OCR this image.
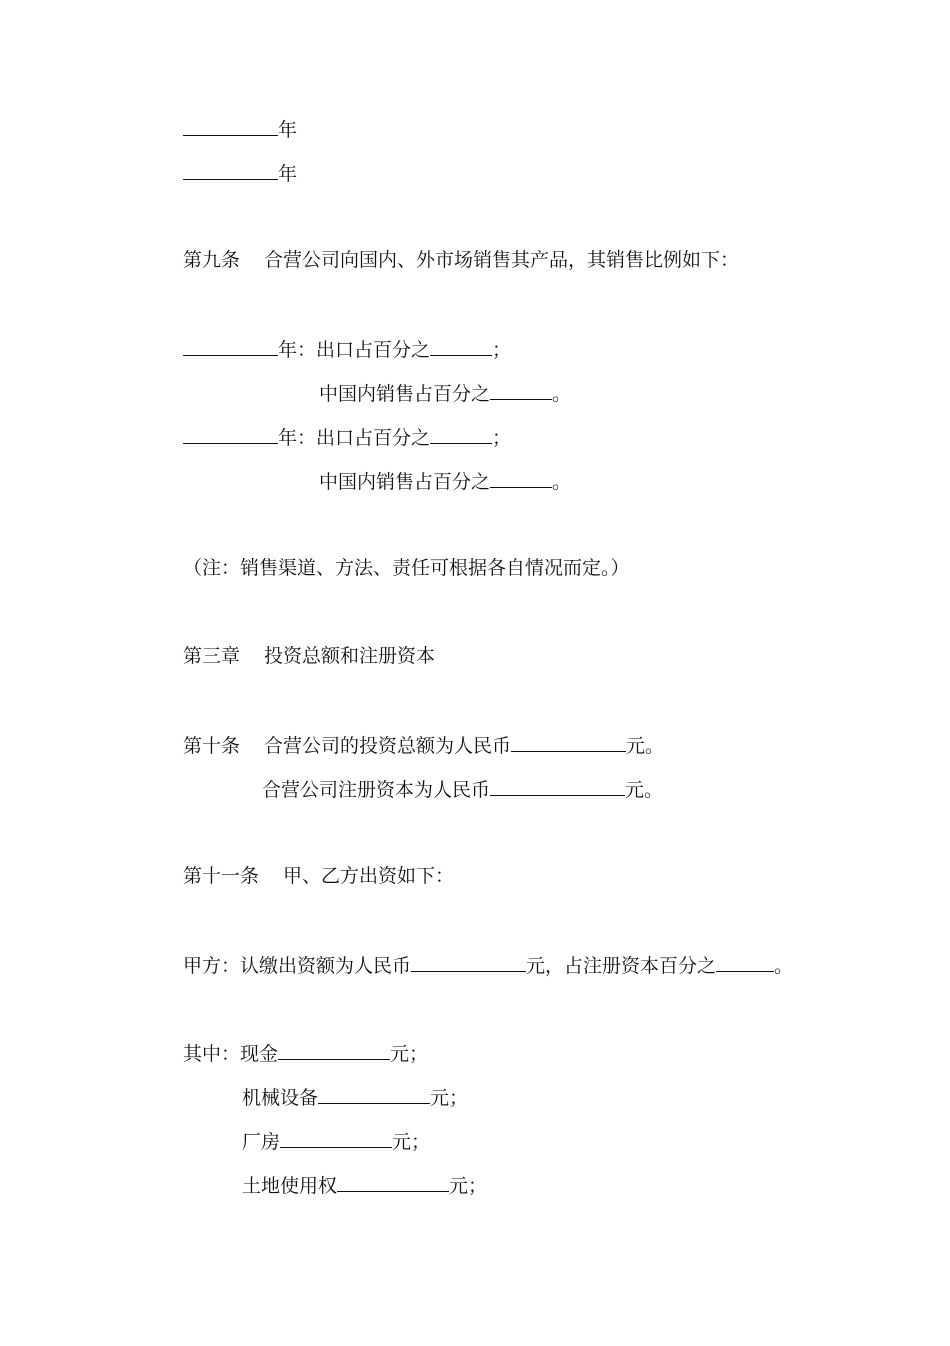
年
年
第九条 合营公司向国内、外市场销售其产品，其销售比例如下：
年：出口占百分之	；
中国内销售占百分之	。
年：出口占百分之	；
中国内销售占百分之	。
（注：销售渠道、方法、责任可根据各自情况而定。）
第三章 投资总额和注册资本
第十条 合营公司的投资总额为人民币	元。
合营公司注册资本为人民币	元。
第十一条 甲、乙方出资如下：
甲方：认缴出资额为人民币	元，占注册资本百分之	。
其中：现金	元；
机械设备	元；
厂房	元；
土地使用权	元；
